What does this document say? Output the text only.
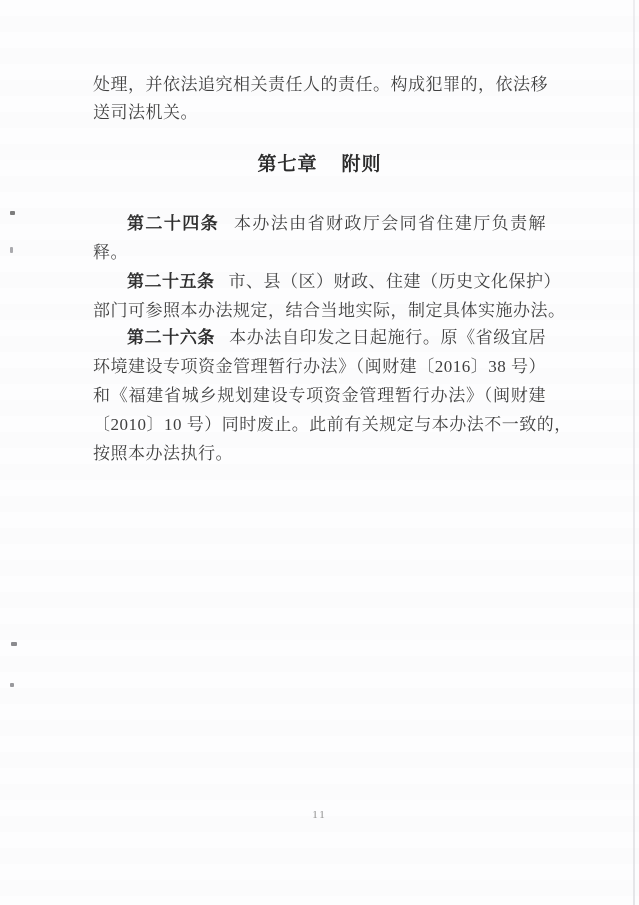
处理，并依法追究相关责任人的责任。构成犯罪的，依法移
送司法机关。
第七章 附则
第二十四条 本办法由省财政厅会同省住建厅负责解
释。
第二十五条 市、县（区）财政、住建（历史文化保护）
部门可参照本办法规定，结合当地实际，制定具体实施办法。
第二十六条 本办法自印发之日起施行。原《省级宜居
环境建设专项资金管理暂行办法》（闽财建〔2016〕38 号）
和《福建省城乡规划建设专项资金管理暂行办法》（闽财建
〔2010〕10 号）同时废止。此前有关规定与本办法不一致的，
按照本办法执行。
11
